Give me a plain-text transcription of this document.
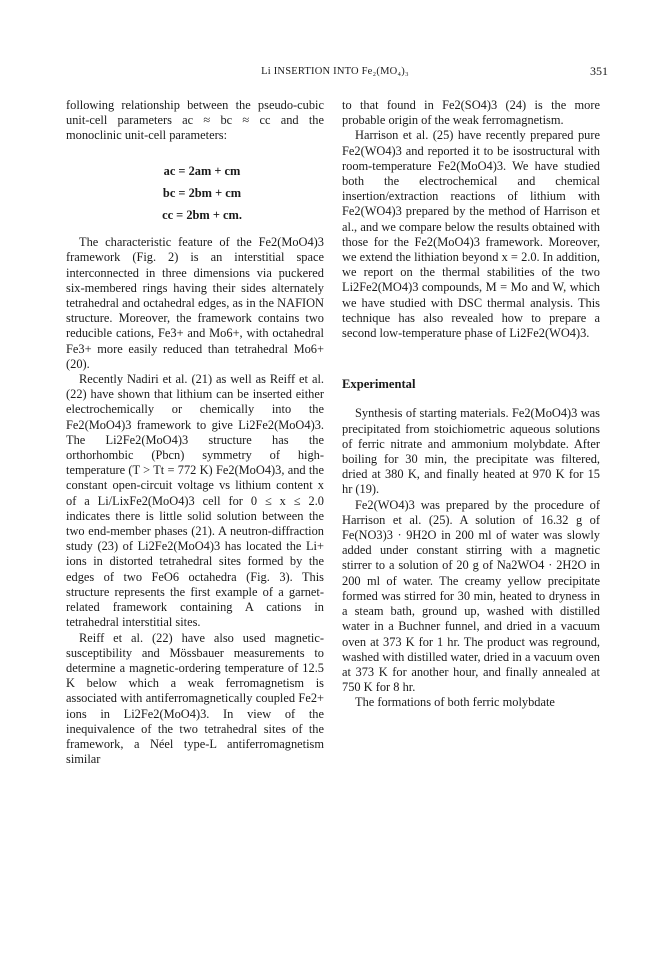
Li INSERTION INTO Fe₂(MO₄)₃	351

following relationship between the pseudo-cubic unit-cell parameters ac ≈ bc ≈ cc and the monoclinic unit-cell parameters:

ac = 2am + cm
bc = 2bm + cm
cc = 2bm + cm.

The characteristic feature of the Fe2(MoO4)3 framework (Fig. 2) is an interstitial space interconnected in three dimensions via puckered six-membered rings having their sides alternately tetrahedral and octahedral edges, as in the NAFION structure. Moreover, the framework contains two reducible cations, Fe3+ and Mo6+, with octahedral Fe3+ more easily reduced than tetrahedral Mo6+ (20).

Recently Nadiri et al. (21) as well as Reiff et al. (22) have shown that lithium can be inserted either electrochemically or chemically into the Fe2(MoO4)3 framework to give Li2Fe2(MoO4)3. The Li2Fe2(MoO4)3 structure has the orthorhombic (Pbcn) symmetry of high-temperature (T > Tt = 772 K) Fe2(MoO4)3, and the constant open-circuit voltage vs lithium content x of a Li/LixFe2(MoO4)3 cell for 0 ≤ x ≤ 2.0 indicates there is little solid solution between the two end-member phases (21). A neutron-diffraction study (23) of Li2Fe2(MoO4)3 has located the Li+ ions in distorted tetrahedral sites formed by the edges of two FeO6 octahedra (Fig. 3). This structure represents the first example of a garnet-related framework containing A cations in tetrahedral interstitial sites.

Reiff et al. (22) have also used magnetic-susceptibility and Mössbauer measurements to determine a magnetic-ordering temperature of 12.5 K below which a weak ferromagnetism is associated with antiferromagnetically coupled Fe2+ ions in Li2Fe2(MoO4)3. In view of the inequivalence of the two tetrahedral sites of the framework, a Néel type-L antiferromagnetism similar

to that found in Fe2(SO4)3 (24) is the more probable origin of the weak ferromagnetism.

Harrison et al. (25) have recently prepared pure Fe2(WO4)3 and reported it to be isostructural with room-temperature Fe2(MoO4)3. We have studied both the electrochemical and chemical insertion/extraction reactions of lithium with Fe2(WO4)3 prepared by the method of Harrison et al., and we compare below the results obtained with those for the Fe2(MoO4)3 framework. Moreover, we extend the lithiation beyond x = 2.0. In addition, we report on the thermal stabilities of the two Li2Fe2(MO4)3 compounds, M = Mo and W, which we have studied with DSC thermal analysis. This technique has also revealed how to prepare a second low-temperature phase of Li2Fe2(WO4)3.

Experimental

Synthesis of starting materials. Fe2(MoO4)3 was precipitated from stoichiometric aqueous solutions of ferric nitrate and ammonium molybdate. After boiling for 30 min, the precipitate was filtered, dried at 380 K, and finally heated at 970 K for 15 hr (19).

Fe2(WO4)3 was prepared by the procedure of Harrison et al. (25). A solution of 16.32 g of Fe(NO3)3 · 9H2O in 200 ml of water was slowly added under constant stirring with a magnetic stirrer to a solution of 20 g of Na2WO4 · 2H2O in 200 ml of water. The creamy yellow precipitate formed was stirred for 30 min, heated to dryness in a steam bath, ground up, washed with distilled water in a Buchner funnel, and dried in a vacuum oven at 373 K for 1 hr. The product was reground, washed with distilled water, dried in a vacuum oven at 373 K for another hour, and finally annealed at 750 K for 8 hr.

The formations of both ferric molybdate
